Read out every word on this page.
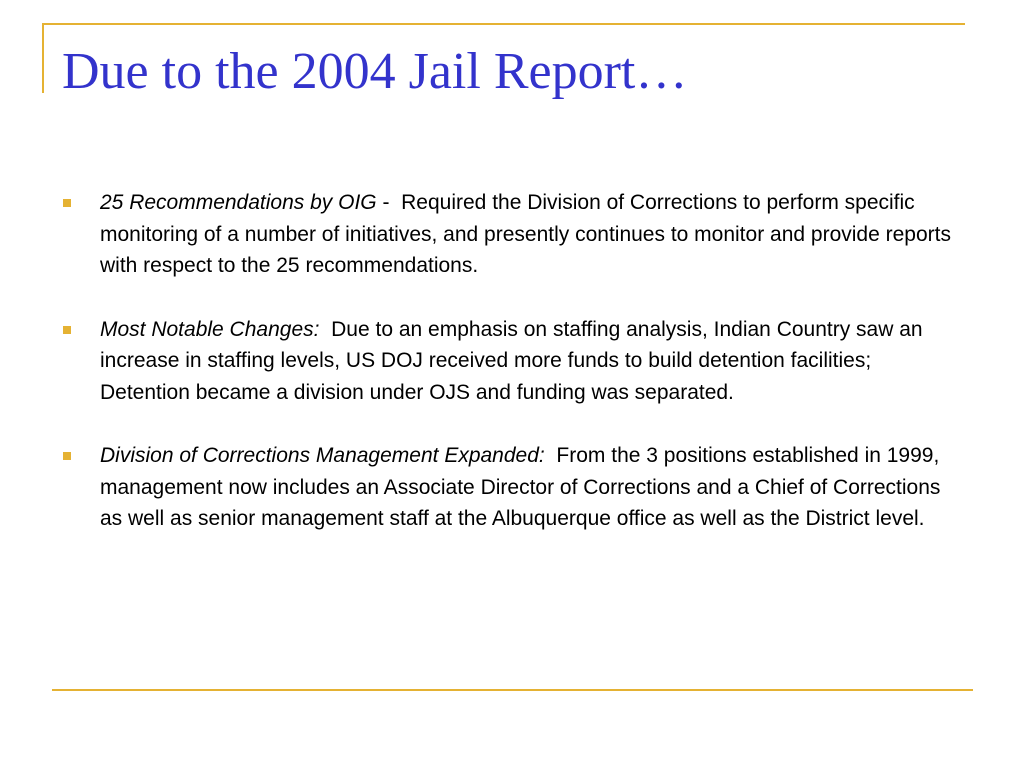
Due to the 2004 Jail Report…
25 Recommendations by OIG -  Required the Division of Corrections to perform specific monitoring of a number of initiatives, and presently continues to monitor and provide reports with respect to the 25 recommendations.
Most Notable Changes: Due to an emphasis on staffing analysis, Indian Country saw an increase in staffing levels, US DOJ received more funds to build detention facilities; Detention became a division under OJS and funding was separated.
Division of Corrections Management Expanded: From the 3 positions established in 1999, management now includes an Associate Director of Corrections and a Chief of Corrections as well as senior management staff at the Albuquerque office as well as the District level.
